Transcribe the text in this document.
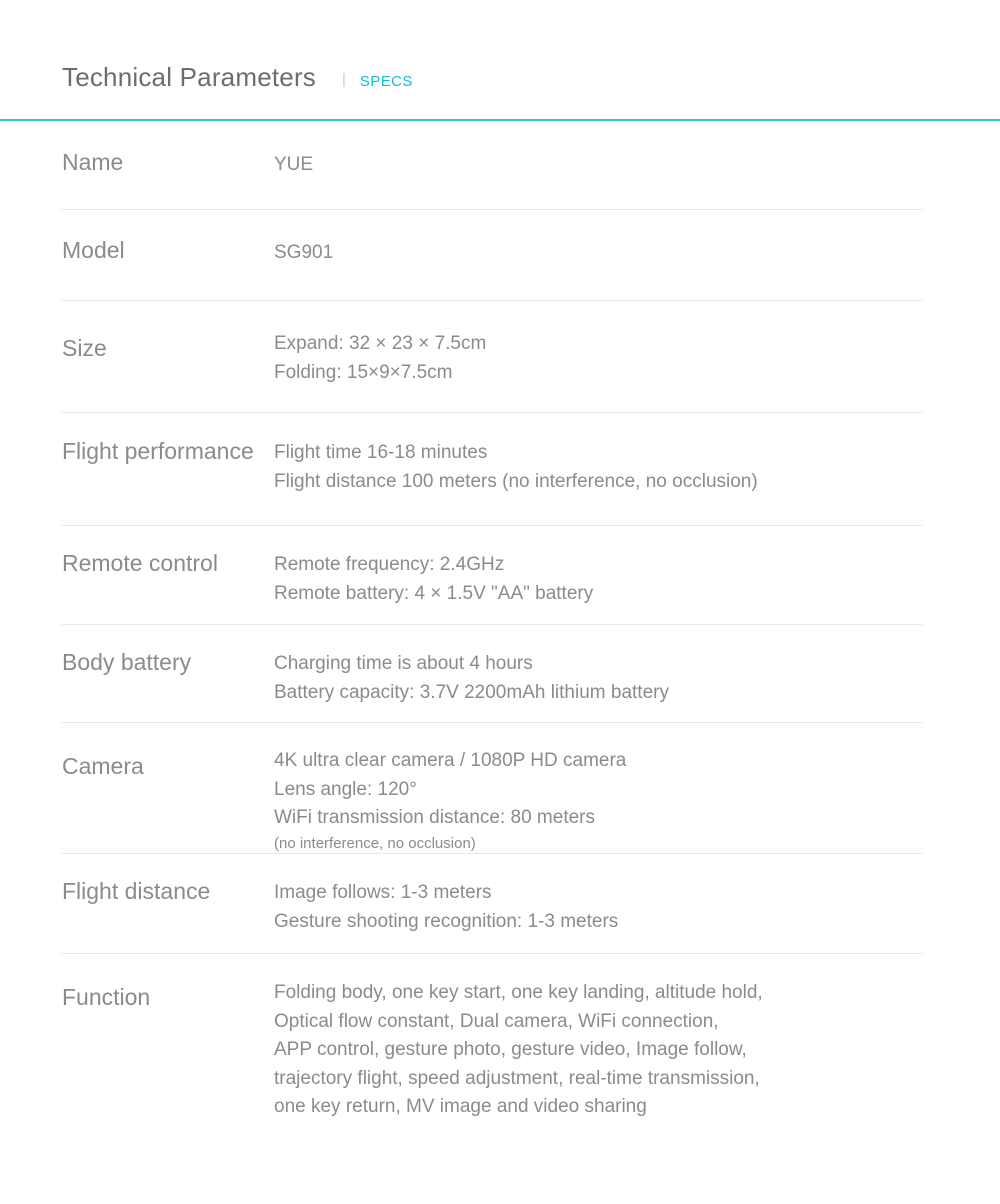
Technical Parameters | SPECS
Name	YUE
Model	SG901
Size	Expand: 32 × 23 × 7.5cm
Folding: 15×9×7.5cm
Flight performance	Flight time 16-18 minutes
Flight distance 100 meters (no interference, no occlusion)
Remote control	Remote frequency: 2.4GHz
Remote battery: 4 × 1.5V "AA" battery
Body battery	Charging time is about 4 hours
Battery capacity: 3.7V 2200mAh lithium battery
Camera	4K ultra clear camera / 1080P HD camera
Lens angle: 120°
WiFi transmission distance: 80 meters
(no interference, no occlusion)
Flight distance	Image follows: 1-3 meters
Gesture shooting recognition: 1-3 meters
Function	Folding body, one key start, one key landing, altitude hold,
Optical flow constant, Dual camera, WiFi connection,
APP control, gesture photo, gesture video, Image follow,
trajectory flight, speed adjustment, real-time transmission,
one key return, MV image and video sharing
